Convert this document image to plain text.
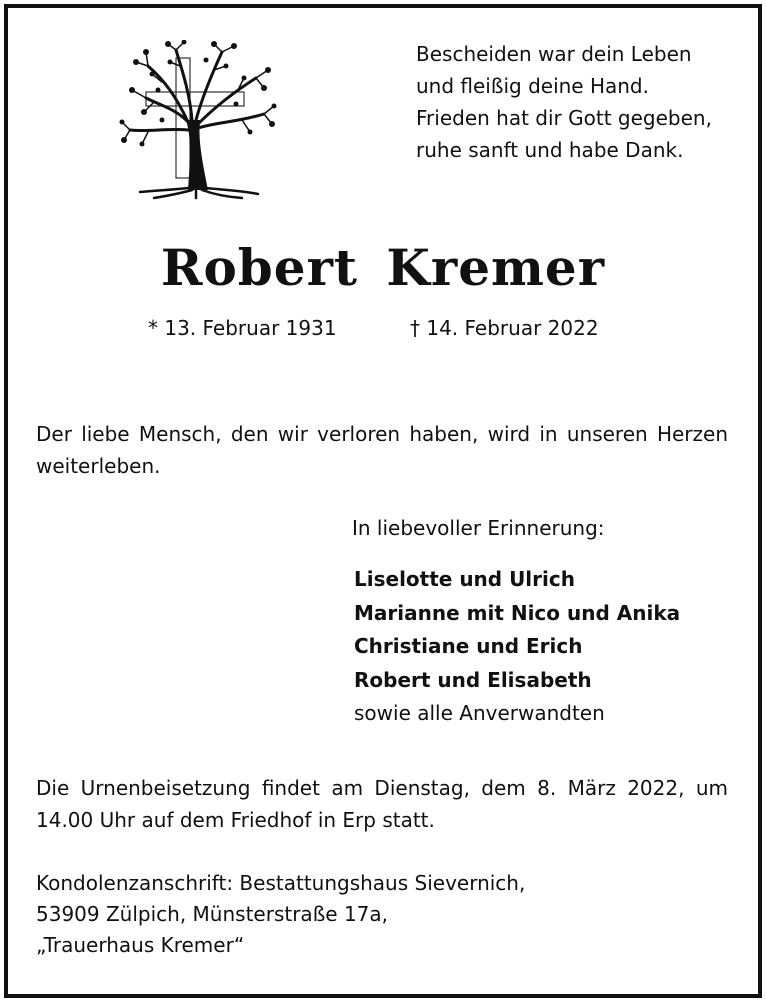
Bescheiden war dein Leben
und fleißig deine Hand.
Frieden hat dir Gott gegeben,
ruhe sanft und habe Dank.
Robert Kremer
* 13. Februar 1931	† 14. Februar 2022
Der liebe Mensch, den wir verloren haben, wird in unseren Herzen weiterleben.
In liebevoller Erinnerung:
Liselotte und Ulrich
Marianne mit Nico und Anika
Christiane und Erich
Robert und Elisabeth
sowie alle Anverwandten
Die Urnenbeisetzung findet am Dienstag, dem 8. März 2022, um 14.00 Uhr auf dem Friedhof in Erp statt.
Kondolenzanschrift: Bestattungshaus Sievernich,
53909 Zülpich, Münsterstraße 17a,
„Trauerhaus Kremer“
